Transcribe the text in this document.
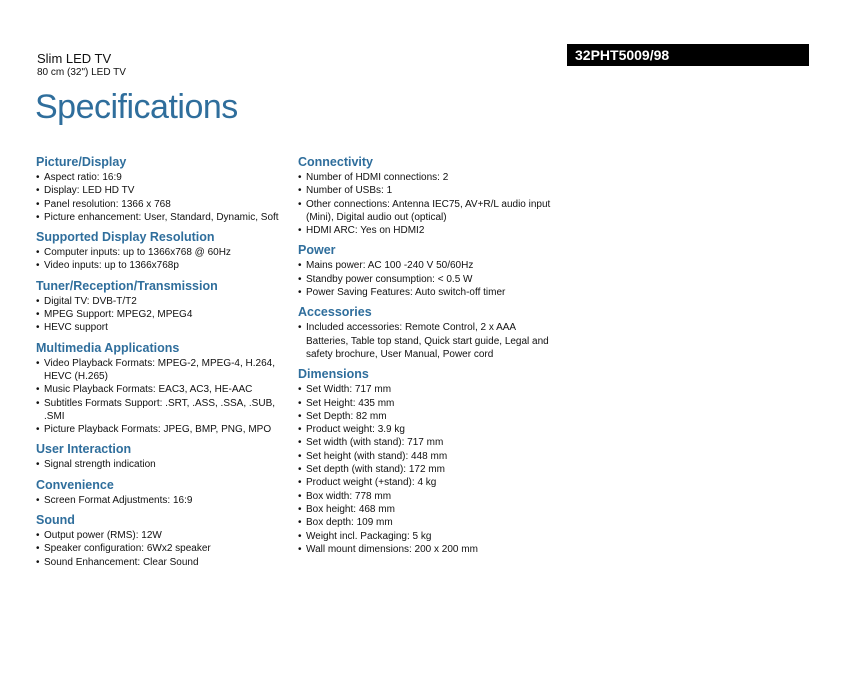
Slim LED TV
80 cm (32") LED TV
Specifications
32PHT5009/98
Picture/Display
• Aspect ratio: 16:9
• Display: LED HD TV
• Panel resolution: 1366 x 768
• Picture enhancement: User, Standard, Dynamic, Soft
Supported Display Resolution
• Computer inputs: up to 1366x768 @ 60Hz
• Video inputs: up to 1366x768p
Tuner/Reception/Transmission
• Digital TV: DVB-T/T2
• MPEG Support: MPEG2, MPEG4
• HEVC support
Multimedia Applications
• Video Playback Formats: MPEG-2, MPEG-4, H.264, HEVC (H.265)
• Music Playback Formats: EAC3, AC3, HE-AAC
• Subtitles Formats Support: .SRT, .ASS, .SSA, .SUB, .SMI
• Picture Playback Formats: JPEG, BMP, PNG, MPO
User Interaction
• Signal strength indication
Convenience
• Screen Format Adjustments: 16:9
Sound
• Output power (RMS): 12W
• Speaker configuration: 6Wx2 speaker
• Sound Enhancement: Clear Sound
Connectivity
• Number of HDMI connections: 2
• Number of USBs: 1
• Other connections: Antenna IEC75, AV+R/L audio input (Mini), Digital audio out (optical)
• HDMI ARC: Yes on HDMI2
Power
• Mains power: AC 100 -240 V 50/60Hz
• Standby power consumption: < 0.5 W
• Power Saving Features: Auto switch-off timer
Accessories
• Included accessories: Remote Control, 2 x AAA Batteries, Table top stand, Quick start guide, Legal and safety brochure, User Manual, Power cord
Dimensions
• Set Width: 717 mm
• Set Height: 435 mm
• Set Depth: 82 mm
• Product weight: 3.9 kg
• Set width (with stand): 717 mm
• Set height (with stand): 448 mm
• Set depth (with stand): 172 mm
• Product weight (+stand): 4 kg
• Box width: 778 mm
• Box height: 468 mm
• Box depth: 109 mm
• Weight incl. Packaging: 5 kg
• Wall mount dimensions: 200 x 200 mm
